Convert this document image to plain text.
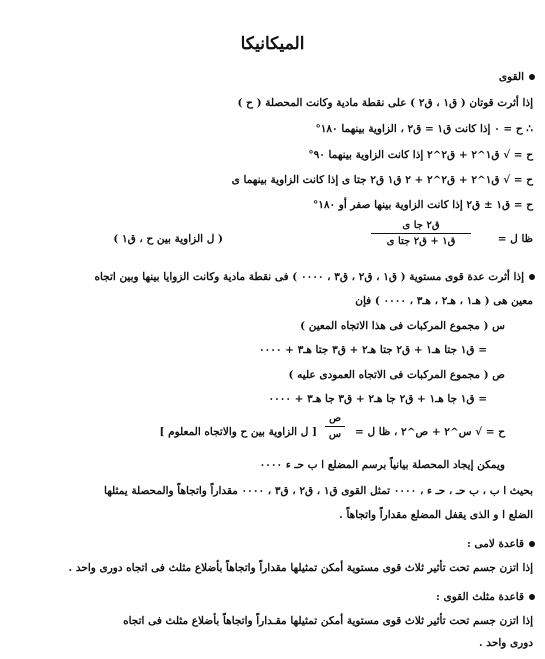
الميكانيكا
القوى
إذا أثرت قوتان ( ق١ ، ق٢ ) على نقطة مادية وكانت المحصلة ( ح )
∴ ح = ٠ إذا كانت ق١ = ق٢ ، الزاوية بينهما ١٨٠°
ح = √ ق١^٢ + ق٢^٢ إذا كانت الزاوية بينهما ٩٠°
ح = √ ق١^٢ + ق٢^٢ + ٢ ق١ ق٢ جتا ى إذا كانت الزاوية بينهما ى
ح = ق١ ± ق٢ إذا كانت الزاوية بينها صفر أو ١٨٠°
ظا ل =
ق٢ جا ى
ق١ + ق٢ جتا ى
( ل الزاوية بين ح ، ق١ )
إذا أثرت عدة قوى مستوية ( ق١ ، ق٢ ، ق٣ ، ٠٠٠٠ ) فى نقطة مادية وكانت الزوايا بينها وبين اتجاه
معين هى ( هـ١ ، هـ٢ ، هـ٣ ، ٠٠٠٠ ) فإن
س ( مجموع المركبات فى هذا الاتجاه المعين )
= ق١ جتا هـ١ + ق٢ جتا هـ٢ + ق٣ جتا هـ٣ + ٠٠٠٠
ص ( مجموع المركبات فى الاتجاه العمودى عليه )
= ق١ جا هـ١ + ق٢ جا هـ٢ + ق٣ جا هـ٣ + ٠٠٠٠
ح = √ س^٢ + ص^٢ ، ظا ل =
ص
س
[ ل الزاوية بين ح والاتجاه المعلوم ]
ويمكن إيجاد المحصلة بيانياً برسم المضلع ا ب حـ ء ٠٠٠٠
بحيث ا ب ، ب حـ ، حـ ء ، ٠٠٠٠ تمثل القوى ق١ ، ق٢ ، ق٣ ، ٠٠٠٠ مقداراً واتجاهاً والمحصلة يمثلها
الضلع ا و الذى يقفل المضلع مقداراً واتجاهاً .
قاعدة لامى :
إذا اتزن جسم تحت تأثير ثلاث قوى مستوية أمكن تمثيلها مقداراً واتجاهاً بأضلاع مثلث فى اتجاه دورى واحد .
قاعدة مثلث القوى :
إذا اتزن جسم تحت تأثير ثلاث قوى مستوية أمكن تمثيلها مقـداراً واتجاهاً بأضلاع مثلث فى اتجاه
دورى واحد .
